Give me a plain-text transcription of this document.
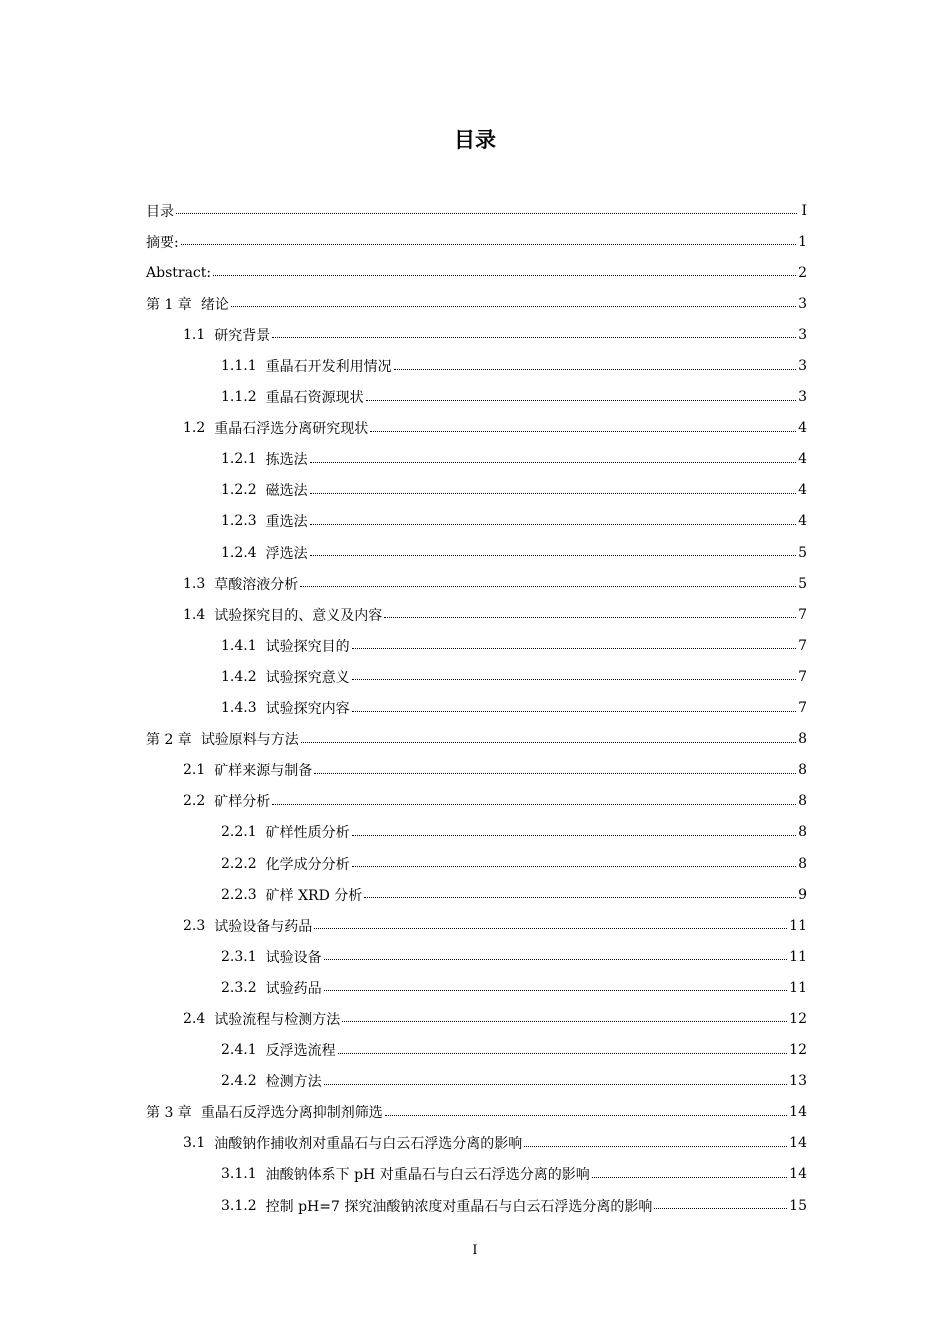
目录
目录	I
摘要:	1
Abstract:	2
第 1 章 绪论	3
1.1 研究背景	3
1.1.1 重晶石开发利用情况	3
1.1.2 重晶石资源现状	3
1.2 重晶石浮选分离研究现状	4
1.2.1 拣选法	4
1.2.2 磁选法	4
1.2.3 重选法	4
1.2.4 浮选法	5
1.3 草酸溶液分析	5
1.4 试验探究目的、意义及内容	7
1.4.1 试验探究目的	7
1.4.2 试验探究意义	7
1.4.3 试验探究内容	7
第 2 章 试验原料与方法	8
2.1 矿样来源与制备	8
2.2 矿样分析	8
2.2.1 矿样性质分析	8
2.2.2 化学成分分析	8
2.2.3 矿样 XRD 分析	9
2.3 试验设备与药品	11
2.3.1 试验设备	11
2.3.2 试验药品	11
2.4 试验流程与检测方法	12
2.4.1 反浮选流程	12
2.4.2 检测方法	13
第 3 章 重晶石反浮选分离抑制剂筛选	14
3.1 油酸钠作捕收剂对重晶石与白云石浮选分离的影响	14
3.1.1 油酸钠体系下 pH 对重晶石与白云石浮选分离的影响	14
3.1.2 控制 pH=7 探究油酸钠浓度对重晶石与白云石浮选分离的影响	15
I
